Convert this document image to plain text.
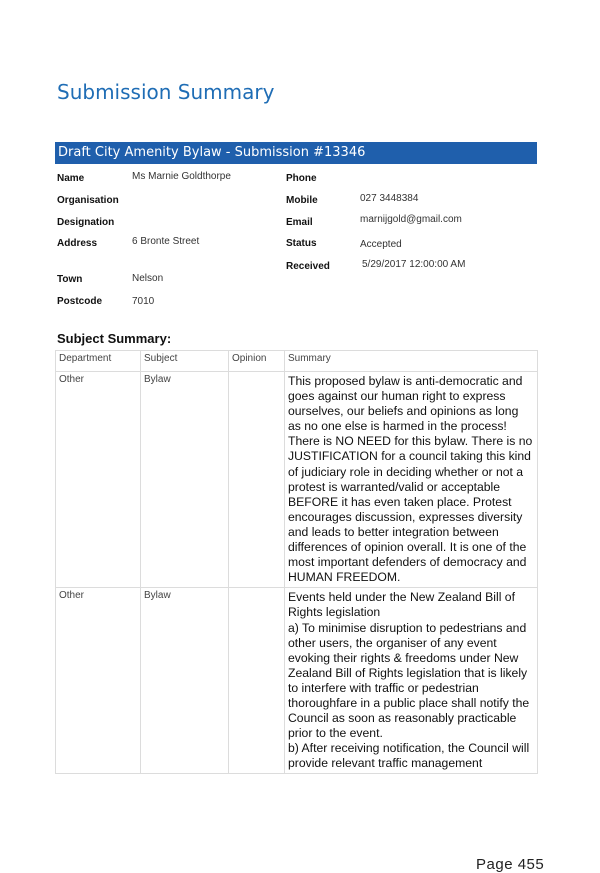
Submission Summary
Draft City Amenity Bylaw - Submission #13346
Name	Ms Marnie Goldthorpe
Organisation
Designation
Address	6 Bronte Street
Town	Nelson
Postcode	7010
Phone
Mobile	027 3448384
Email	marnijgold@gmail.com
Status	Accepted
Received	5/29/2017 12:00:00 AM
Subject Summary:
Department	Subject	Opinion	Summary
Other	Bylaw		This proposed bylaw is anti-democratic and goes against our human right to express ourselves, our beliefs and opinions as long as no one else is harmed in the process! There is NO NEED for this bylaw. There is no JUSTIFICATION for a council taking this kind of judiciary role in deciding whether or not a protest is warranted/valid or acceptable BEFORE it has even taken place. Protest encourages discussion, expresses diversity and leads to better integration between differences of opinion overall. It is one of the most important defenders of democracy and HUMAN FREEDOM.
Other	Bylaw		Events held under the New Zealand Bill of Rights legislation
a) To minimise disruption to pedestrians and other users, the organiser of any event evoking their rights & freedoms under New Zealand Bill of Rights legislation that is likely to interfere with traffic or pedestrian thoroughfare in a public place shall notify the Council as soon as reasonably practicable prior to the event.
b) After receiving notification, the Council will provide relevant traffic management
Page 455
